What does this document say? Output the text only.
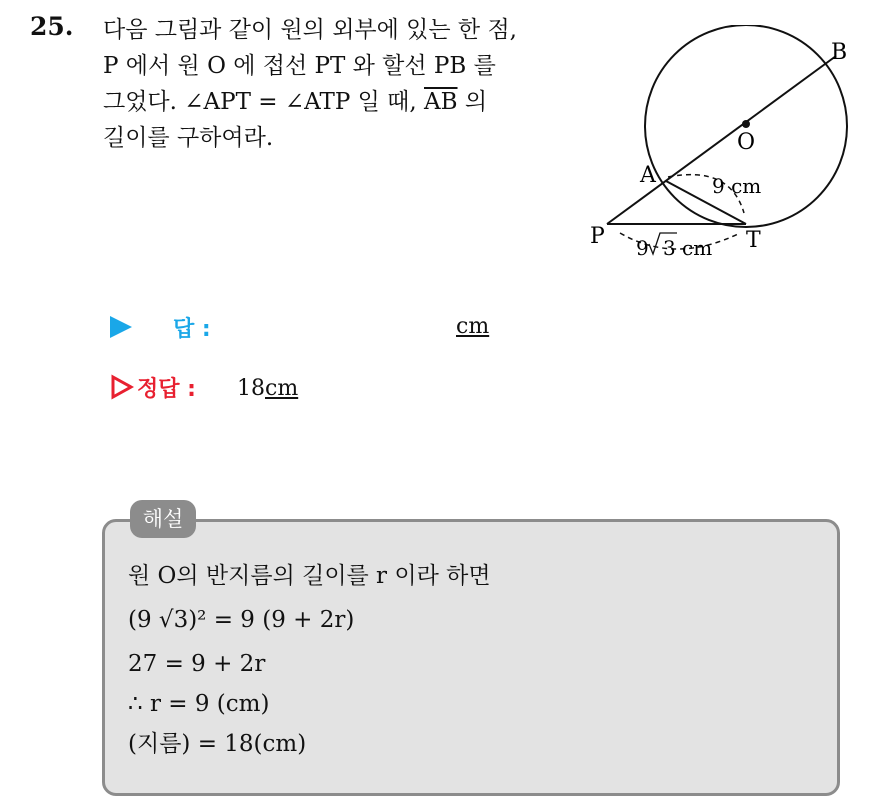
25. 다음 그림과 같이 원의 외부에 있는 한 점,
P 에서 원 O 에 접선 PT 와 할선 PB 를
그었다. ∠APT = ∠ATP 일 때, $\overline{AB}$ 의
길이를 구하여라.
B
O
A
P	T
9 cm
9 3 cm
답 :	cm
정답 : 18cm
해설
원 O의 반지름의 길이를 r 이라 하면
(9 √3)² = 9 (9 + 2r)
27 = 9 + 2r
∴ r = 9 (cm)
(지름) = 18(cm)
